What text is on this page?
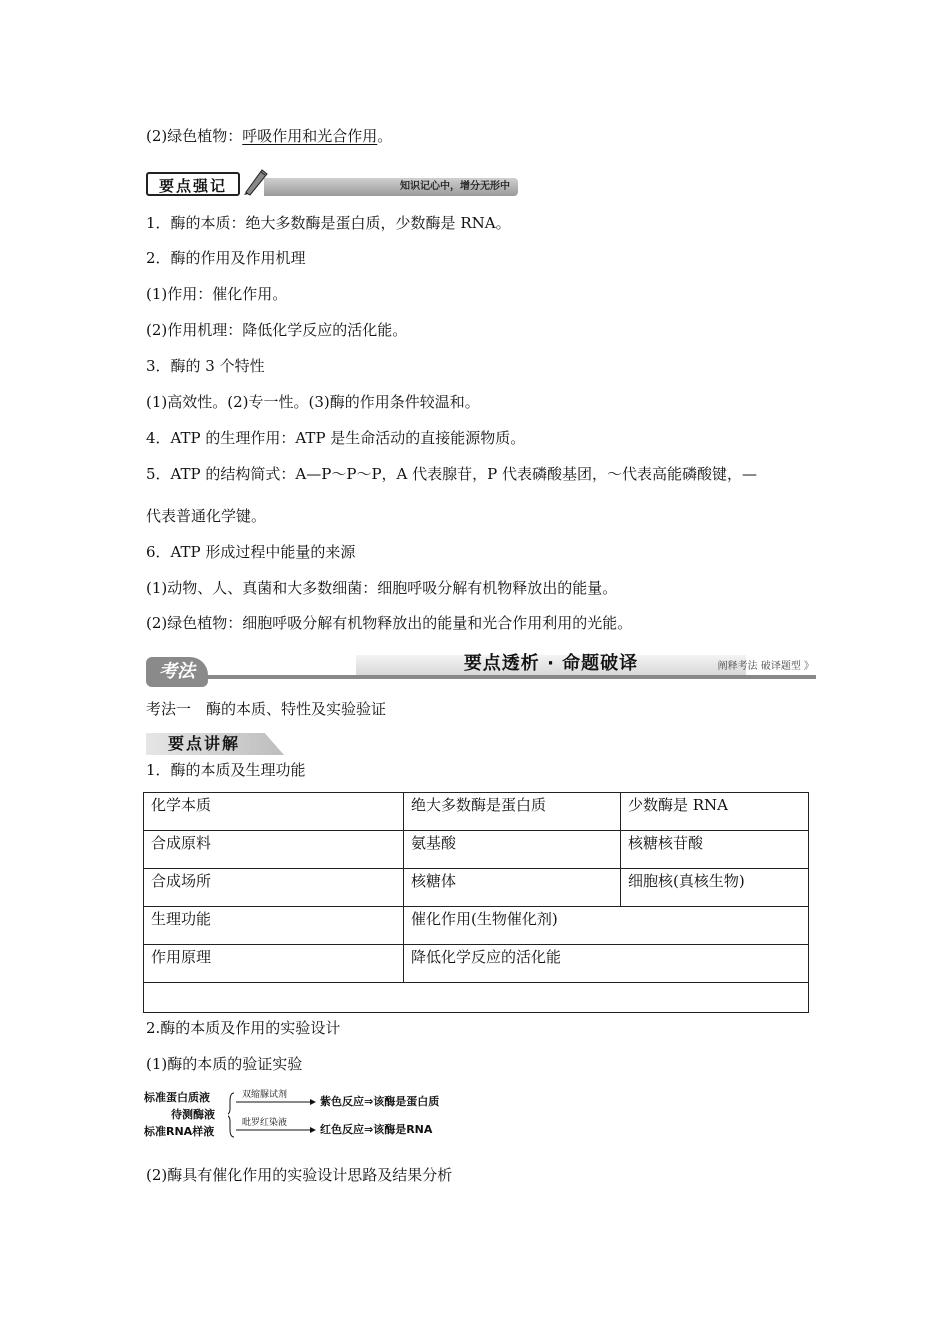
(2)绿色植物：呼吸作用和光合作用。
知识记心中，增分无形中
要点强记
1．酶的本质：绝大多数酶是蛋白质，少数酶是 RNA。
2．酶的作用及作用机理
(1)作用：催化作用。
(2)作用机理：降低化学反应的活化能。
3．酶的 3 个特性
(1)高效性。(2)专一性。(3)酶的作用条件较温和。
4．ATP 的生理作用：ATP 是生命活动的直接能源物质。
5．ATP 的结构简式：A—P～P～P，A 代表腺苷，P 代表磷酸基团，～代表高能磷酸键，—
代表普通化学键。
6．ATP 形成过程中能量的来源
(1)动物、人、真菌和大多数细菌：细胞呼吸分解有机物释放出的能量。
(2)绿色植物：细胞呼吸分解有机物释放出的能量和光合作用利用的光能。
要点透析 · 命题破译
考法	阐释考法 破译题型 》
考法一　酶的本质、特性及实验验证
要点讲解
1．酶的本质及生理功能
化学本质	绝大多数酶是蛋白质	少数酶是 RNA
合成原料	氨基酸	核糖核苷酸
合成场所	核糖体	细胞核(真核生物)
生理功能	催化作用(生物催化剂)	
作用原理	降低化学反应的活化能	

2.酶的本质及作用的实验设计
(1)酶的本质的验证实验
标准蛋白质液
待测酶液
标准RNA样液
双缩脲试剂
吡罗红染液
紫色反应⇒该酶是蛋白质
红色反应⇒该酶是RNA
(2)酶具有催化作用的实验设计思路及结果分析
